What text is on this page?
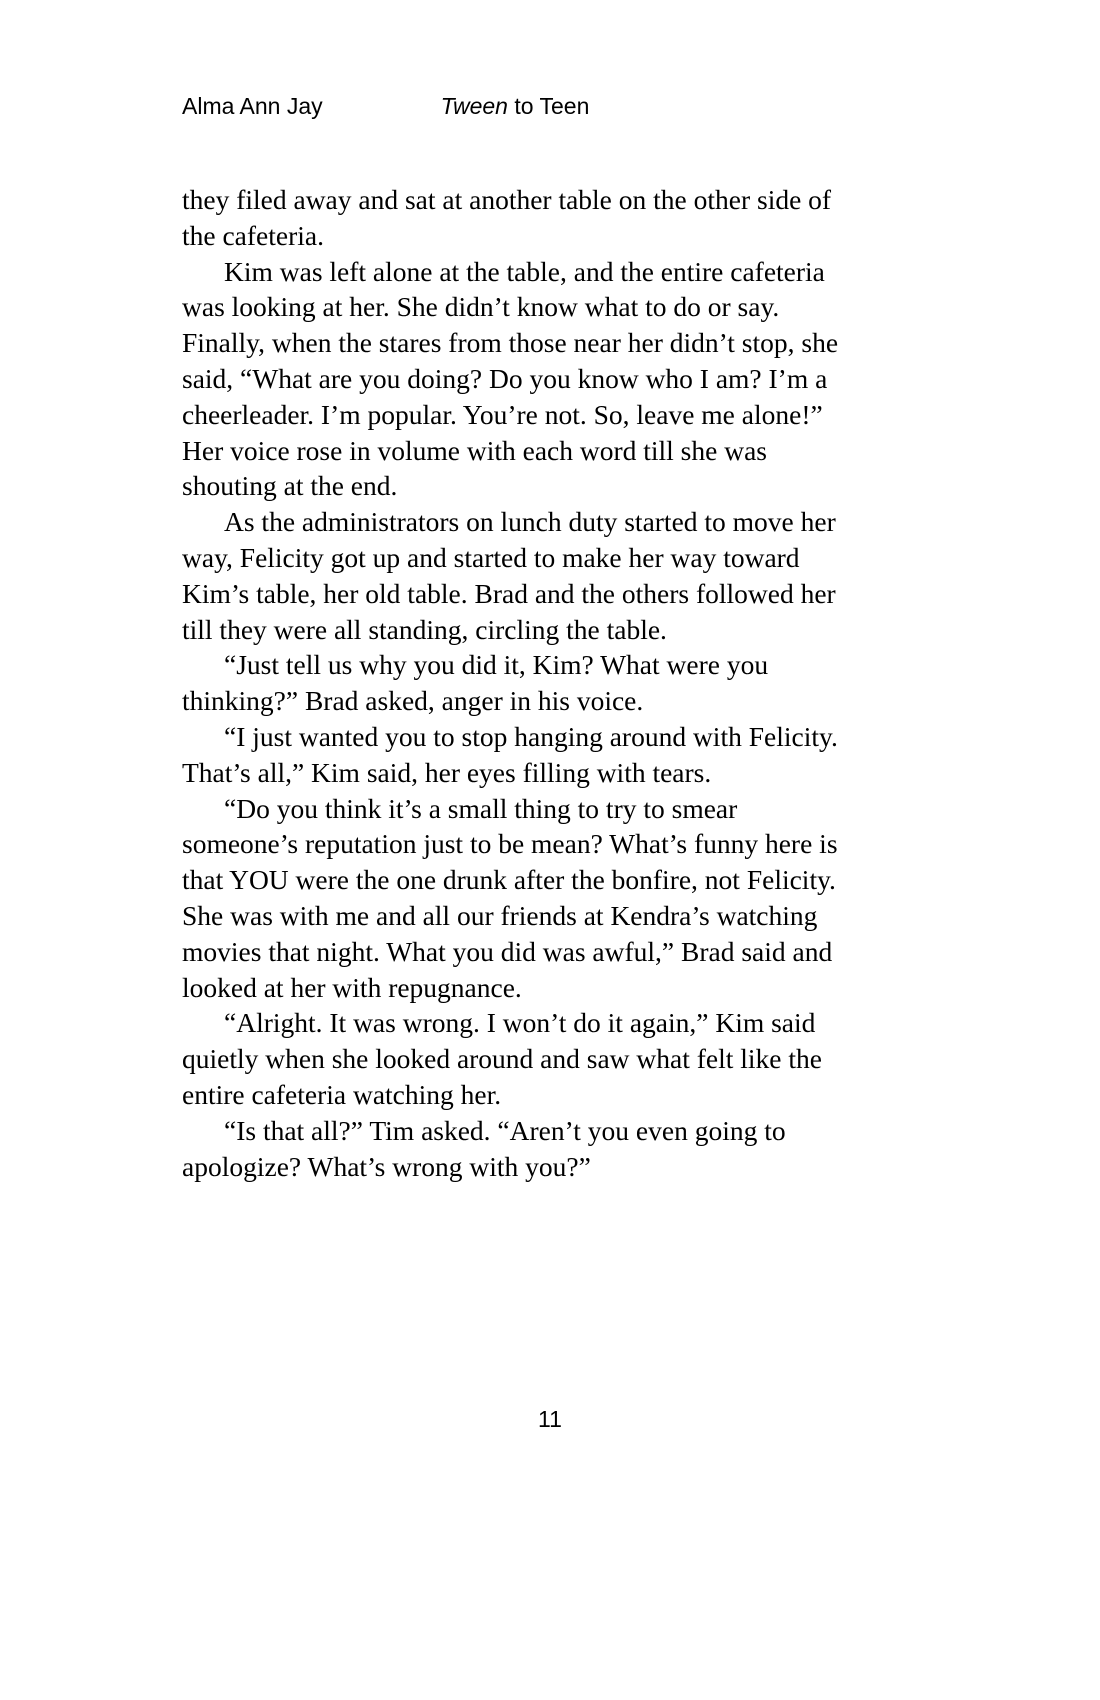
Alma Ann Jay	Tween to Teen

they filed away and sat at another table on the other side of the cafeteria.

Kim was left alone at the table, and the entire cafeteria was looking at her. She didn’t know what to do or say. Finally, when the stares from those near her didn’t stop, she said, “What are you doing? Do you know who I am? I’m a cheerleader. I’m popular. You’re not. So, leave me alone!” Her voice rose in volume with each word till she was shouting at the end.

As the administrators on lunch duty started to move her way, Felicity got up and started to make her way toward Kim’s table, her old table. Brad and the others followed her till they were all standing, circling the table.

“Just tell us why you did it, Kim? What were you thinking?” Brad asked, anger in his voice.

“I just wanted you to stop hanging around with Felicity. That’s all,” Kim said, her eyes filling with tears.

“Do you think it’s a small thing to try to smear someone’s reputation just to be mean? What’s funny here is that YOU were the one drunk after the bonfire, not Felicity. She was with me and all our friends at Kendra’s watching movies that night. What you did was awful,” Brad said and looked at her with repugnance.

“Alright. It was wrong. I won’t do it again,” Kim said quietly when she looked around and saw what felt like the entire cafeteria watching her.

“Is that all?” Tim asked. “Aren’t you even going to apologize? What’s wrong with you?”

11
